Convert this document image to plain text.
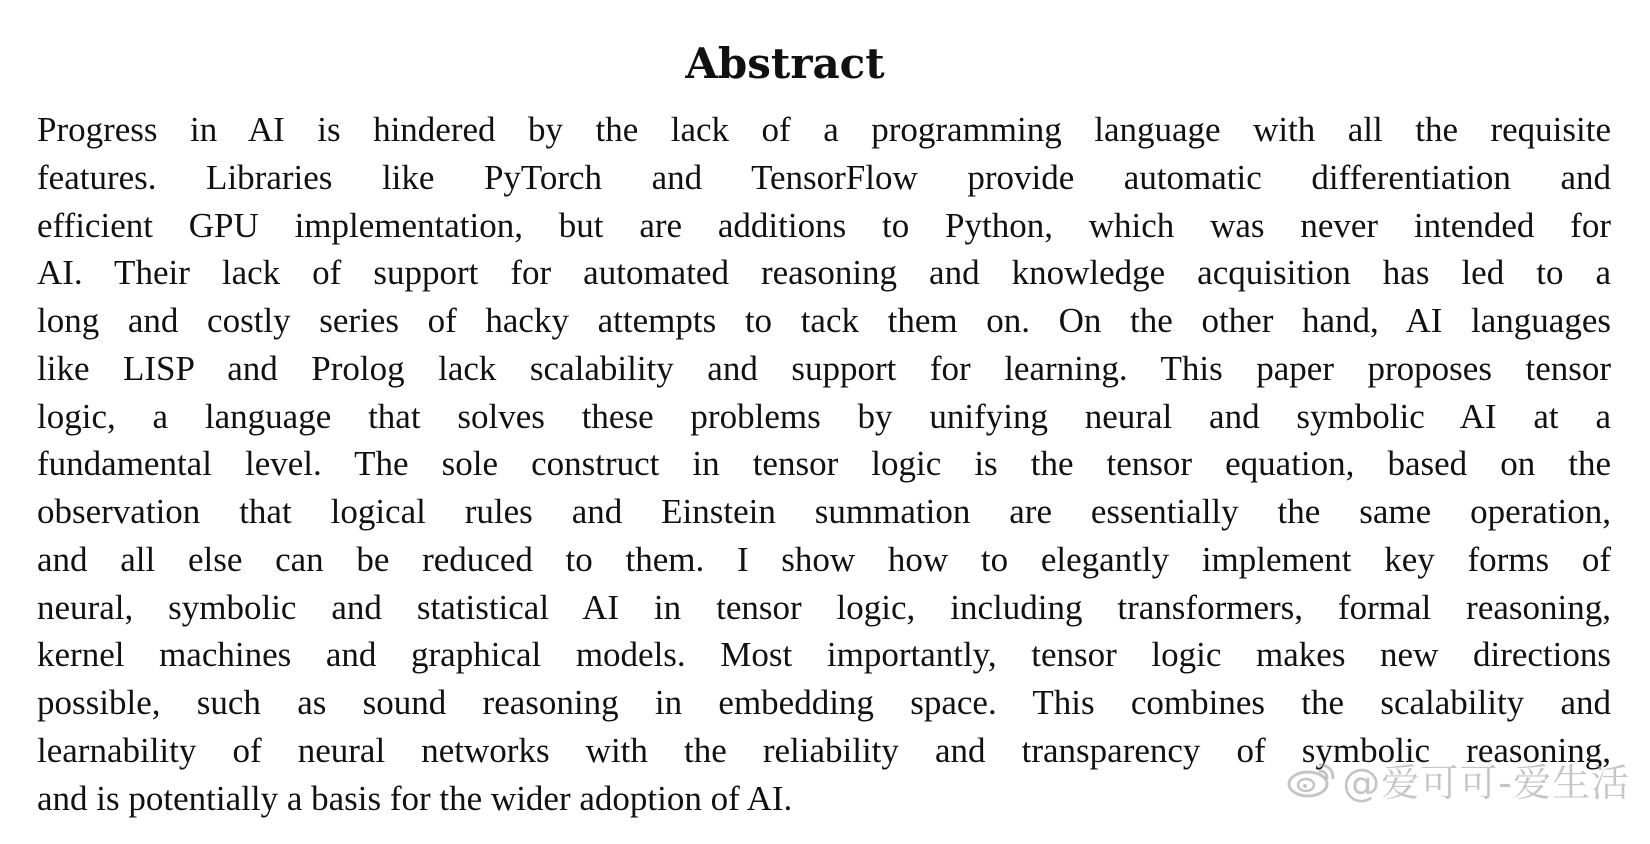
Abstract
Progress in AI is hindered by the lack of a programming language with all the requisite
features. Libraries like PyTorch and TensorFlow provide automatic differentiation and
efficient GPU implementation, but are additions to Python, which was never intended for
AI. Their lack of support for automated reasoning and knowledge acquisition has led to a
long and costly series of hacky attempts to tack them on. On the other hand, AI languages
like LISP and Prolog lack scalability and support for learning. This paper proposes tensor
logic, a language that solves these problems by unifying neural and symbolic AI at a
fundamental level. The sole construct in tensor logic is the tensor equation, based on the
observation that logical rules and Einstein summation are essentially the same operation,
and all else can be reduced to them. I show how to elegantly implement key forms of
neural, symbolic and statistical AI in tensor logic, including transformers, formal reasoning,
kernel machines and graphical models. Most importantly, tensor logic makes new directions
possible, such as sound reasoning in embedding space. This combines the scalability and
learnability of neural networks with the reliability and transparency of symbolic reasoning,
and is potentially a basis for the wider adoption of AI.	@爱可可-爱生活
